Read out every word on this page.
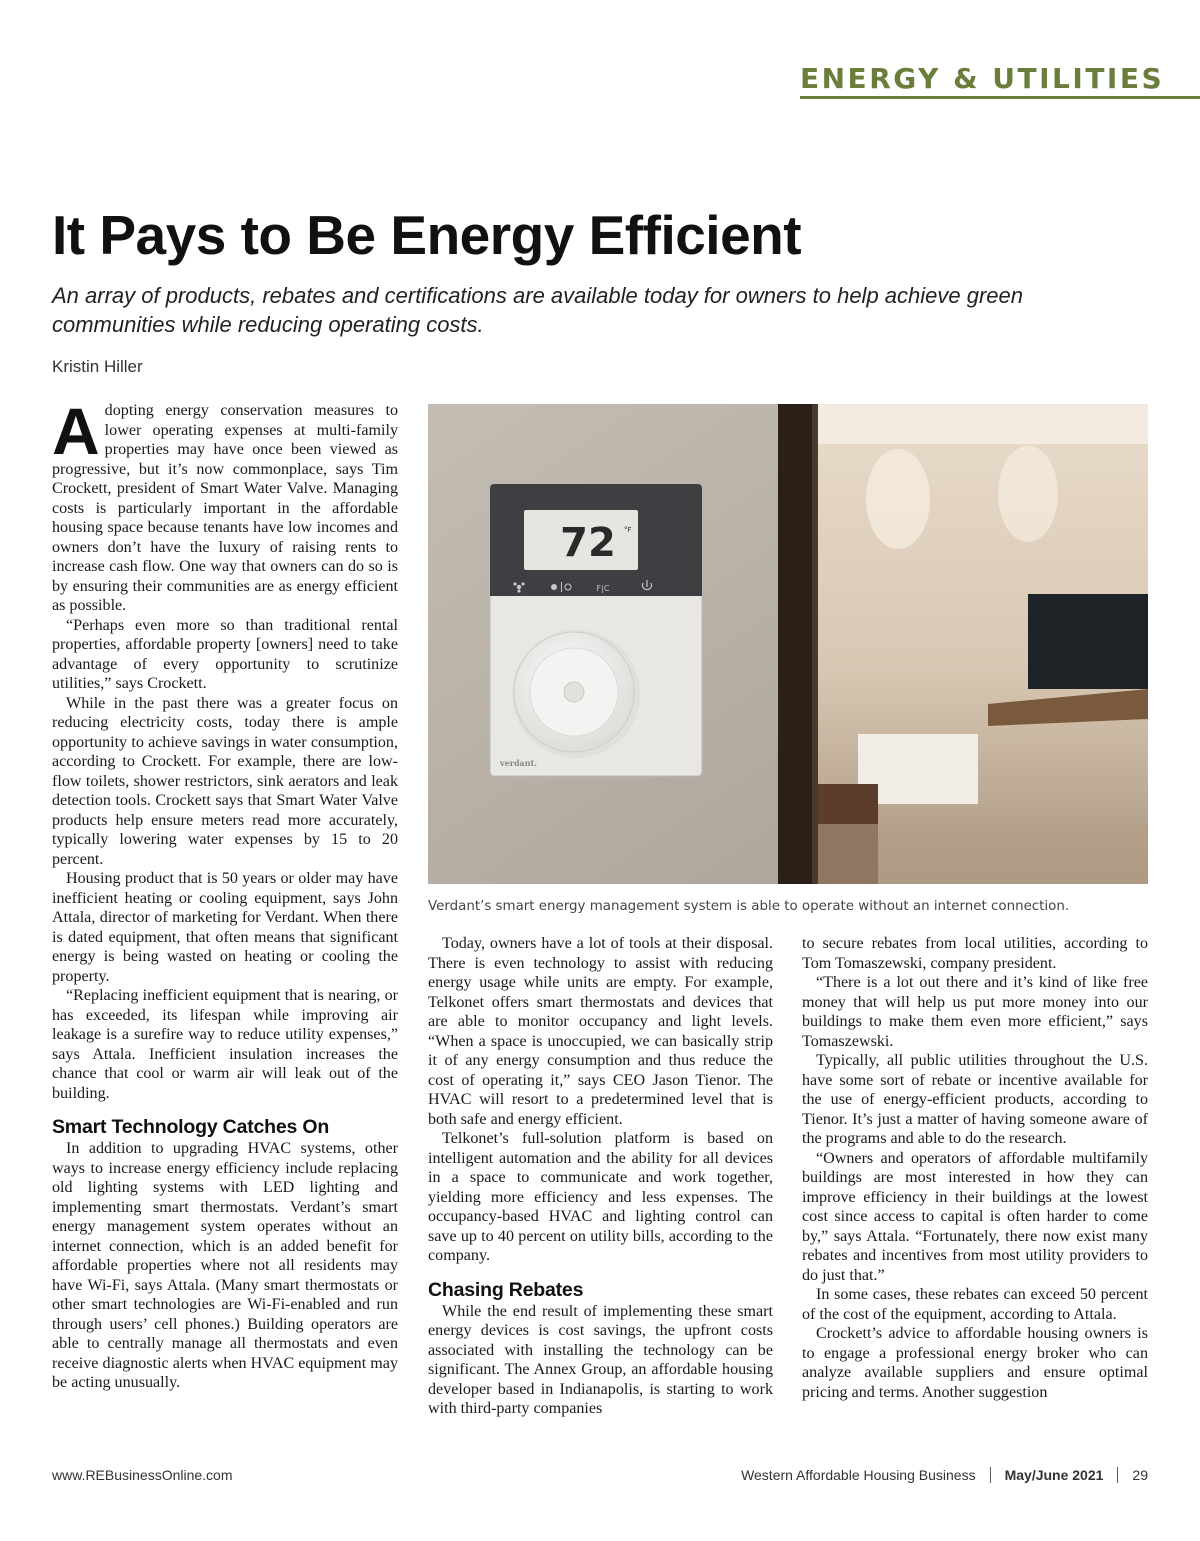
ENERGY & UTILITIES
It Pays to Be Energy Efficient
An array of products, rebates and certifications are available today for owners to help achieve green communities while reducing operating costs.
Kristin Hiller

Adopting energy conservation measures to lower operating expenses at multi-family properties may have once been viewed as progressive, but it’s now commonplace, says Tim Crockett, president of Smart Water Valve. Managing costs is particularly important in the affordable housing space because tenants have low incomes and owners don’t have the luxury of raising rents to increase cash flow. One way that owners can do so is by ensuring their communities are as energy efficient as possible.

“Perhaps even more so than traditional rental properties, affordable property [owners] need to take advantage of every opportunity to scrutinize utilities,” says Crockett.

While in the past there was a greater focus on reducing electricity costs, today there is ample opportunity to achieve savings in water consumption, according to Crockett. For example, there are low-flow toilets, shower restrictors, sink aerators and leak detection tools. Crockett says that Smart Water Valve products help ensure meters read more accurately, typically lowering water expenses by 15 to 20 percent.

Housing product that is 50 years or older may have inefficient heating or cooling equipment, says John Attala, director of marketing for Verdant. When there is dated equipment, that often means that significant energy is being wasted on heating or cooling the property.

“Replacing inefficient equipment that is nearing, or has exceeded, its lifespan while improving air leakage is a surefire way to reduce utility expenses,” says Attala. Inefficient insulation increases the chance that cool or warm air will leak out of the building.

Smart Technology Catches On

In addition to upgrading HVAC systems, other ways to increase energy efficiency include replacing old lighting systems with LED lighting and implementing smart thermostats. Verdant’s smart energy management system operates without an internet connection, which is an added benefit for affordable properties where not all residents may have Wi-Fi, says Attala. (Many smart thermostats or other smart technologies are Wi-Fi-enabled and run through users’ cell phones.) Building operators are able to centrally manage all thermostats and even receive diagnostic alerts when HVAC equipment may be acting unusually.

72 °F
F|C
verdant.
Verdant’s smart energy management system is able to operate without an internet connection.

Today, owners have a lot of tools at their disposal. There is even technology to assist with reducing energy usage while units are empty. For example, Telkonet offers smart thermostats and devices that are able to monitor occupancy and light levels. “When a space is unoccupied, we can basically strip it of any energy consumption and thus reduce the cost of operating it,” says CEO Jason Tienor. The HVAC will resort to a predetermined level that is both safe and energy efficient.

Telkonet’s full-solution platform is based on intelligent automation and the ability for all devices in a space to communicate and work together, yielding more efficiency and less expenses. The occupancy-based HVAC and lighting control can save up to 40 percent on utility bills, according to the company.

Chasing Rebates

While the end result of implementing these smart energy devices is cost savings, the upfront costs associated with installing the technology can be significant. The Annex Group, an affordable housing developer based in Indianapolis, is starting to work with third-party companies

to secure rebates from local utilities, according to Tom Tomaszewski, company president.

“There is a lot out there and it’s kind of like free money that will help us put more money into our buildings to make them even more efficient,” says Tomaszewski.

Typically, all public utilities throughout the U.S. have some sort of rebate or incentive available for the use of energy-efficient products, according to Tienor. It’s just a matter of having someone aware of the programs and able to do the research.

“Owners and operators of affordable multifamily buildings are most interested in how they can improve efficiency in their buildings at the lowest cost since access to capital is often harder to come by,” says Attala. “Fortunately, there now exist many rebates and incentives from most utility providers to do just that.”

In some cases, these rebates can exceed 50 percent of the cost of the equipment, according to Attala.

Crockett’s advice to affordable housing owners is to engage a professional energy broker who can analyze available suppliers and ensure optimal pricing and terms. Another suggestion

www.REBusinessOnline.com	Western Affordable Housing Business May/June 2021 29
